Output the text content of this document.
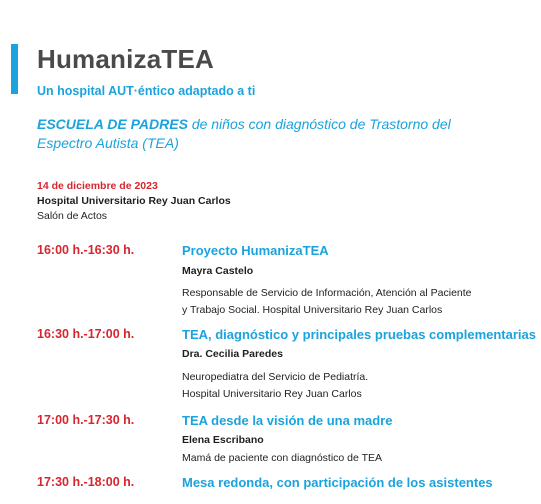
HumanizaTEA
Un hospital AUT·éntico adaptado a ti
ESCUELA DE PADRES de niños con diagnóstico de Trastorno del Espectro Autista (TEA)
14 de diciembre de 2023
Hospital Universitario Rey Juan Carlos
Salón de Actos
16:00 h.-16:30 h.	Proyecto HumanizaTEA
Mayra Castelo
Responsable de Servicio de Información, Atención al Paciente
y Trabajo Social. Hospital Universitario Rey Juan Carlos
16:30 h.-17:00 h.	TEA, diagnóstico y principales pruebas complementarias
Dra. Cecilia Paredes
Neuropediatra del Servicio de Pediatría.
Hospital Universitario Rey Juan Carlos
17:00 h.-17:30 h.	TEA desde la visión de una madre
Elena Escribano
Mamá de paciente con diagnóstico de TEA
17:30 h.-18:00 h.	Mesa redonda, con participación de los asistentes
